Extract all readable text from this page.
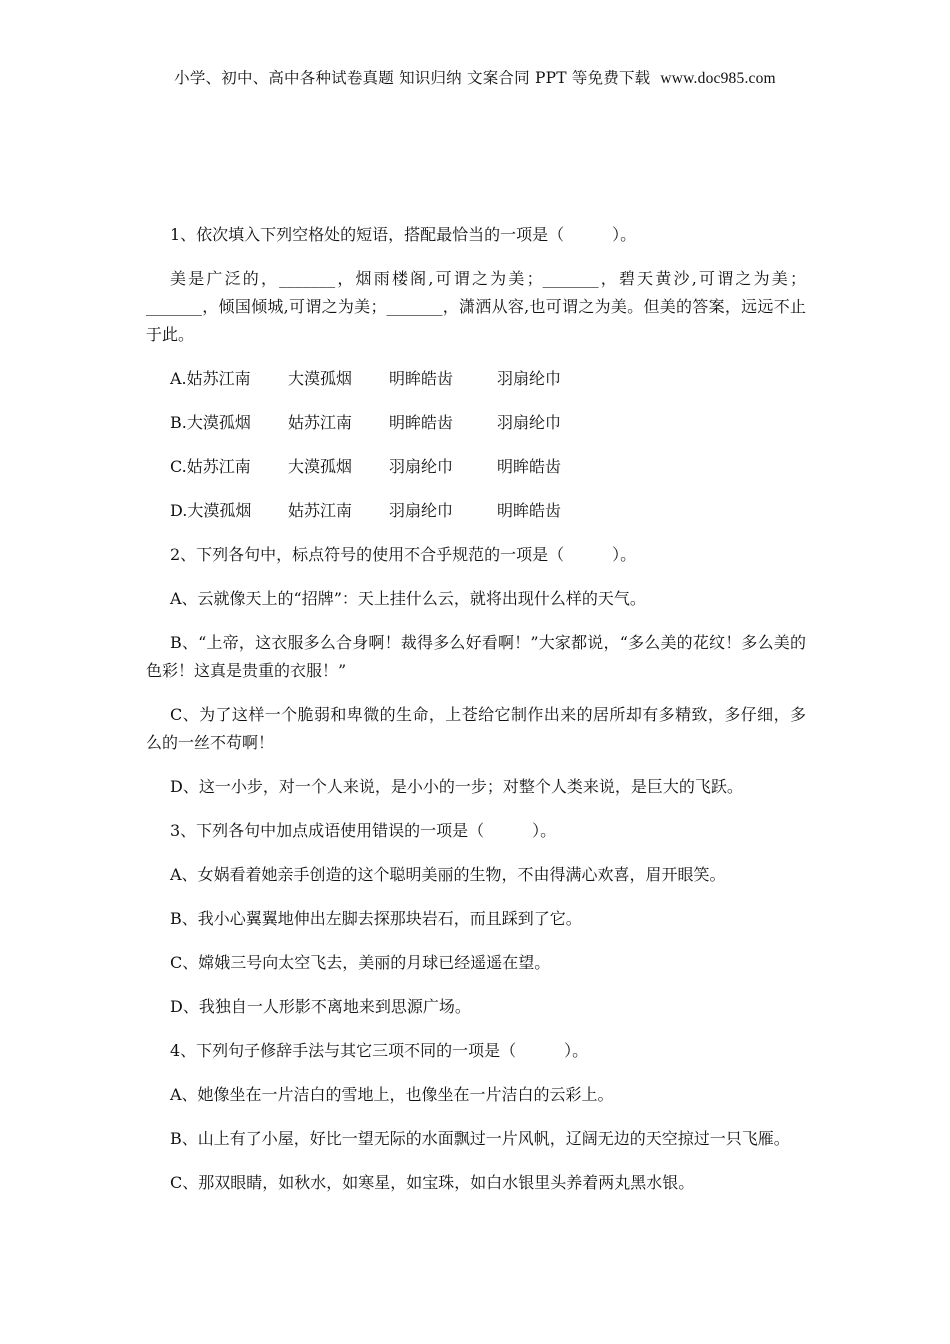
小学、初中、高中各种试卷真题 知识归纳 文案合同 PPT 等免费下载 www.doc985.com

1、依次填入下列空格处的短语，搭配最恰当的一项是（　　　）。

美是广泛的，_______，烟雨楼阁,可谓之为美；_______，碧天黄沙,可谓之为美；_______，倾国倾城,可谓之为美；_______，潇洒从容,也可谓之为美。但美的答案，远远不止于此。

A.姑苏江南 大漠孤烟 明眸皓齿	羽扇纶巾
B.大漠孤烟 姑苏江南 明眸皓齿	羽扇纶巾
C.姑苏江南 大漠孤烟 羽扇纶巾	明眸皓齿
D.大漠孤烟 姑苏江南 羽扇纶巾	明眸皓齿

2、下列各句中，标点符号的使用不合乎规范的一项是（　　　）。

A、云就像天上的“招牌”：天上挂什么云，就将出现什么样的天气。

B、“上帝，这衣服多么合身啊！裁得多么好看啊！”大家都说，“多么美的花纹！多么美的色彩！这真是贵重的衣服！”

C、为了这样一个脆弱和卑微的生命，上苍给它制作出来的居所却有多精致，多仔细，多么的一丝不苟啊！

D、这一小步，对一个人来说，是小小的一步；对整个人类来说，是巨大的飞跃。

3、下列各句中加点成语使用错误的一项是（　　　）。

A、女娲看着她亲手创造的这个聪明美丽的生物，不由得满心欢喜，眉开眼笑。

B、我小心翼翼地伸出左脚去探那块岩石，而且踩到了它。

C、嫦娥三号向太空飞去，美丽的月球已经遥遥在望。

D、我独自一人形影不离地来到思源广场。

4、下列句子修辞手法与其它三项不同的一项是（　　　）。

A、她像坐在一片洁白的雪地上，也像坐在一片洁白的云彩上。

B、山上有了小屋，好比一望无际的水面飘过一片风帆，辽阔无边的天空掠过一只飞雁。

C、那双眼睛，如秋水，如寒星，如宝珠，如白水银里头养着两丸黑水银。
